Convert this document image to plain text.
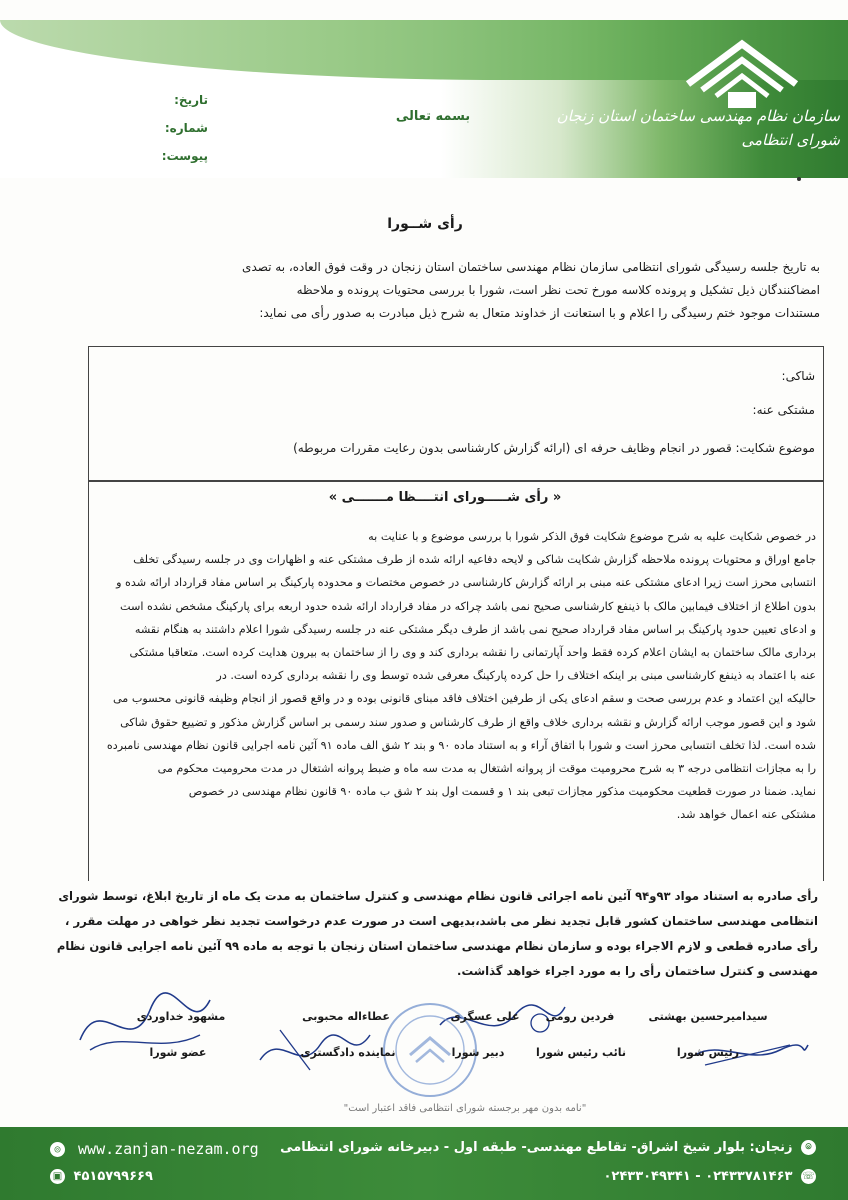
سازمان نظام مهندسی ساختمان استان زنجان
شورای انتظامی
بسمه تعالی
تاریخ:
شماره:
پیوست:
رأی شــورا
به تاریخ جلسه رسیدگی شورای انتظامی سازمان نظام مهندسی ساختمان استان زنجان در وقت فوق العاده، به تصدی
امضاکنندگان ذیل تشکیل و پرونده کلاسه مورخ تحت نظر است، شورا با بررسی محتویات پرونده و ملاحظه
مستندات موجود ختم رسیدگی را اعلام و با استعانت از خداوند متعال به شرح ذیل مبادرت به صدور رأی می نماید:
شاکی:
مشتکی عنه:
موضوع شکایت: قصور در انجام وظایف حرفه ای (ارائه گزارش کارشناسی بدون رعایت مقررات مربوطه)
« رأی شـــــورای انتــــظا مـــــــی »
در خصوص شکایت علیه به شرح موضوع شکایت فوق الذکر شورا با بررسی موضوع و با عنایت به
جامع اوراق و محتویات پرونده ملاحظه گزارش شکایت شاکی و لایحه دفاعیه ارائه شده از طرف مشتکی عنه و اظهارات وی در جلسه رسیدگی تخلف
انتسابی محرز است زیرا ادعای مشتکی عنه مبنی بر ارائه گزارش کارشناسی در خصوص مختصات و محدوده پارکینگ بر اساس مفاد قرارداد ارائه شده و
بدون اطلاع از اختلاف فیمابین مالک با ذینفع کارشناسی صحیح نمی باشد چراکه در مفاد قرارداد ارائه شده حدود اربعه برای پارکینگ مشخص نشده است
و ادعای تعیین حدود پارکینگ بر اساس مفاد قرارداد صحیح نمی باشد از طرف دیگر مشتکی عنه در جلسه رسیدگی شورا اعلام داشتند به هنگام نقشه
برداری مالک ساختمان به ایشان اعلام کرده فقط واحد آپارتمانی را نقشه برداری کند و وی را از ساختمان به بیرون هدایت کرده است. متعاقبا مشتکی
عنه با اعتماد به ذینفع کارشناسی مبنی بر اینکه اختلاف را حل کرده پارکینگ معرفی شده توسط وی را نقشه برداری کرده است. در
حالیکه این اعتماد و عدم بررسی صحت و سقم ادعای یکی از طرفین اختلاف فاقد مبنای قانونی بوده و در واقع قصور از انجام وظیفه قانونی محسوب می
شود و این قصور موجب ارائه گزارش و نقشه برداری خلاف واقع از طرف کارشناس و صدور سند رسمی بر اساس گزارش مذکور و تضییع حقوق شاکی
شده است. لذا تخلف انتسابی محرز است و شورا با اتفاق آراء و به استناد ماده ۹۰ و بند ۲ شق الف ماده ۹۱ آئین نامه اجرایی قانون نظام مهندسی نامبرده
را به مجازات انتظامی درجه ۳ به شرح محرومیت موقت از پروانه اشتغال به مدت سه ماه و ضبط پروانه اشتغال در مدت محرومیت محکوم می
نماید. ضمنا در صورت قطعیت محکومیت مذکور مجازات تبعی بند ۱ و قسمت اول بند ۲ شق ب ماده ۹۰ قانون نظام مهندسی در خصوص
مشتکی عنه اعمال خواهد شد.
رأی صادره به استناد مواد ۹۳و۹۴ آئین نامه اجرائی قانون نظام مهندسی و کنترل ساختمان به مدت یک ماه از تاریخ ابلاغ، توسط شورای
انتظامی مهندسی ساختمان کشور قابل تجدید نظر می باشد،بدیهی است در صورت عدم درخواست تجدید نظر خواهی در مهلت مقرر ،
رأی صادره قطعی و لازم الاجراء بوده و سازمان نظام مهندسی ساختمان استان زنجان با توجه به ماده ۹۹ آئین نامه اجرایی قانون نظام
مهندسی و کنترل ساختمان رأی را به مورد اجراء خواهد گذاشت.
سیدامیرحسین بهشتی
فردین رومی
علی عسگری
عطاءاله محبوبی
مشهود خداوردی
رئیس شورا
نائب رئیس شورا
دبیر شورا
نماینده دادگستری
عضو شورا
"نامه بدون مهر برجسته شورای انتظامی فاقد اعتبار است"
⌾ زنجان: بلوار شیخ اشراق- تقاطع مهندسی- طبقه اول - دبیرخانه شورای انتظامی
☏ ۰۲۴۳۳۷۸۱۴۶۳ - ۰۲۴۳۳۰۴۹۳۴۱
◎ www.zanjan-nezam.org
▣ ۴۵۱۵۷۹۹۶۶۹
